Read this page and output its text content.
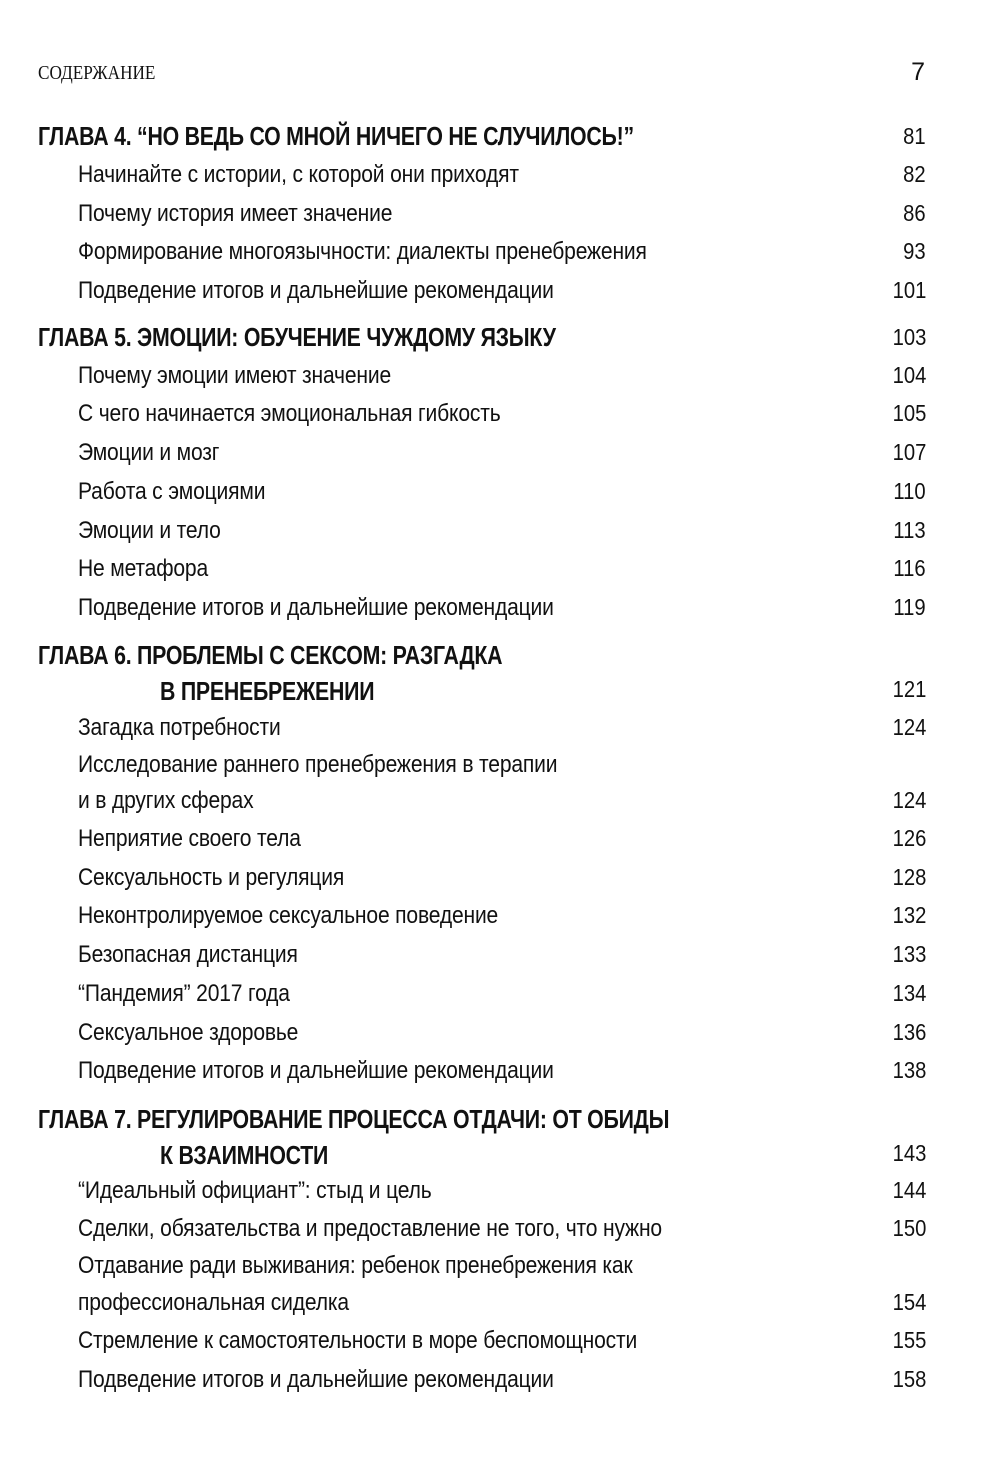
СОДЕРЖАНИЕ	7
ГЛАВА 4. “НО ВЕДЬ СО МНОЙ НИЧЕГО НЕ СЛУЧИЛОСЬ!”	81
Начинайте с истории, с которой они приходят	82
Почему история имеет значение	86
Формирование многоязычности: диалекты пренебрежения	93
Подведение итогов и дальнейшие рекомендации	101
ГЛАВА 5. ЭМОЦИИ: ОБУЧЕНИЕ ЧУЖДОМУ ЯЗЫКУ	103
Почему эмоции имеют значение	104
С чего начинается эмоциональная гибкость	105
Эмоции и мозг	107
Работа с эмоциями	110
Эмоции и тело	113
Не метафора	116
Подведение итогов и дальнейшие рекомендации	119
ГЛАВА 6. ПРОБЛЕМЫ С СЕКСОМ: РАЗГАДКА
В ПРЕНЕБРЕЖЕНИИ	121
Загадка потребности	124
Исследование раннего пренебрежения в терапии
и в других сферах	124
Неприятие своего тела	126
Сексуальность и регуляция	128
Неконтролируемое сексуальное поведение	132
Безопасная дистанция	133
“Пандемия” 2017 года	134
Сексуальное здоровье	136
Подведение итогов и дальнейшие рекомендации	138
ГЛАВА 7. РЕГУЛИРОВАНИЕ ПРОЦЕССА ОТДАЧИ: ОТ ОБИДЫ
К ВЗАИМНОСТИ	143
“Идеальный официант”: стыд и цель	144
Сделки, обязательства и предоставление не того, что нужно	150
Отдавание ради выживания: ребенок пренебрежения как
профессиональная сиделка	154
Стремление к самостоятельности в море беспомощности	155
Подведение итогов и дальнейшие рекомендации	158
